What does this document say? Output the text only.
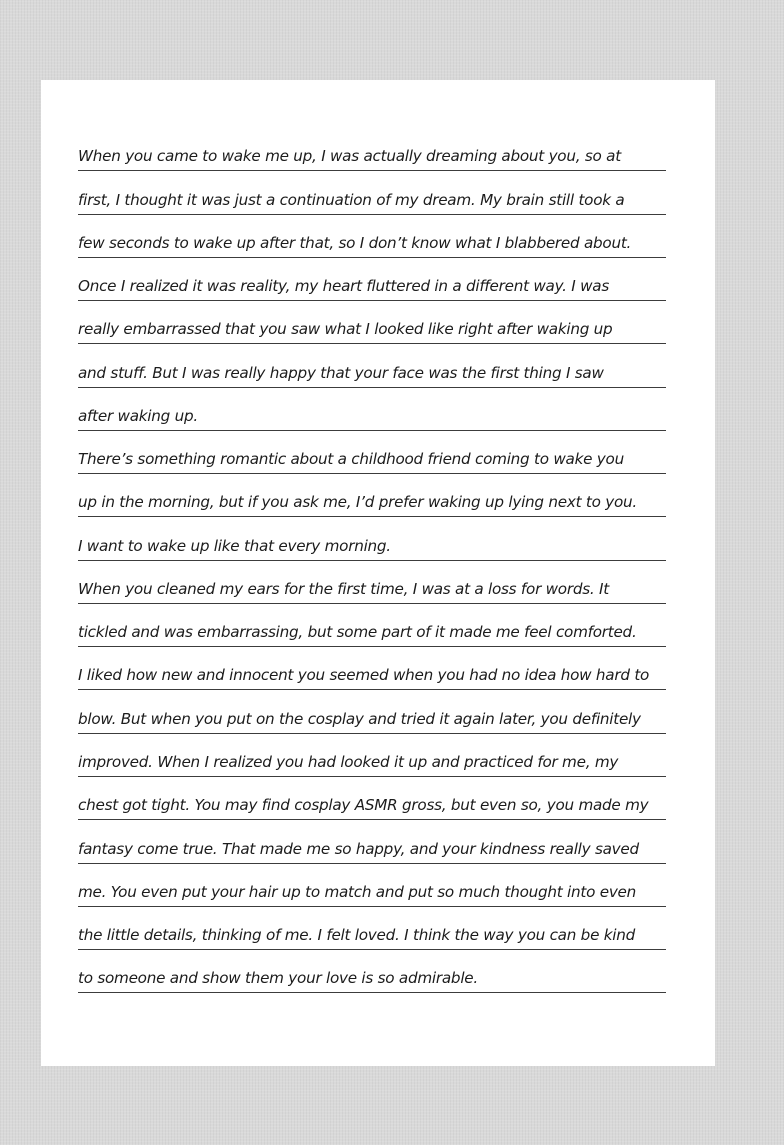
When you came to wake me up, I was actually dreaming about you, so at
first, I thought it was just a continuation of my dream. My brain still took a
few seconds to wake up after that, so I don’t know what I blabbered about.
Once I realized it was reality, my heart fluttered in a different way. I was
really embarrassed that you saw what I looked like right after waking up
and stuff. But I was really happy that your face was the first thing I saw
after waking up.
There’s something romantic about a childhood friend coming to wake you
up in the morning, but if you ask me, I’d prefer waking up lying next to you.
I want to wake up like that every morning.
When you cleaned my ears for the first time, I was at a loss for words. It
tickled and was embarrassing, but some part of it made me feel comforted.
I liked how new and innocent you seemed when you had no idea how hard to
blow. But when you put on the cosplay and tried it again later, you definitely
improved. When I realized you had looked it up and practiced for me, my
chest got tight. You may find cosplay ASMR gross, but even so, you made my
fantasy come true. That made me so happy, and your kindness really saved
me. You even put your hair up to match and put so much thought into even
the little details, thinking of me. I felt loved. I think the way you can be kind
to someone and show them your love is so admirable.
